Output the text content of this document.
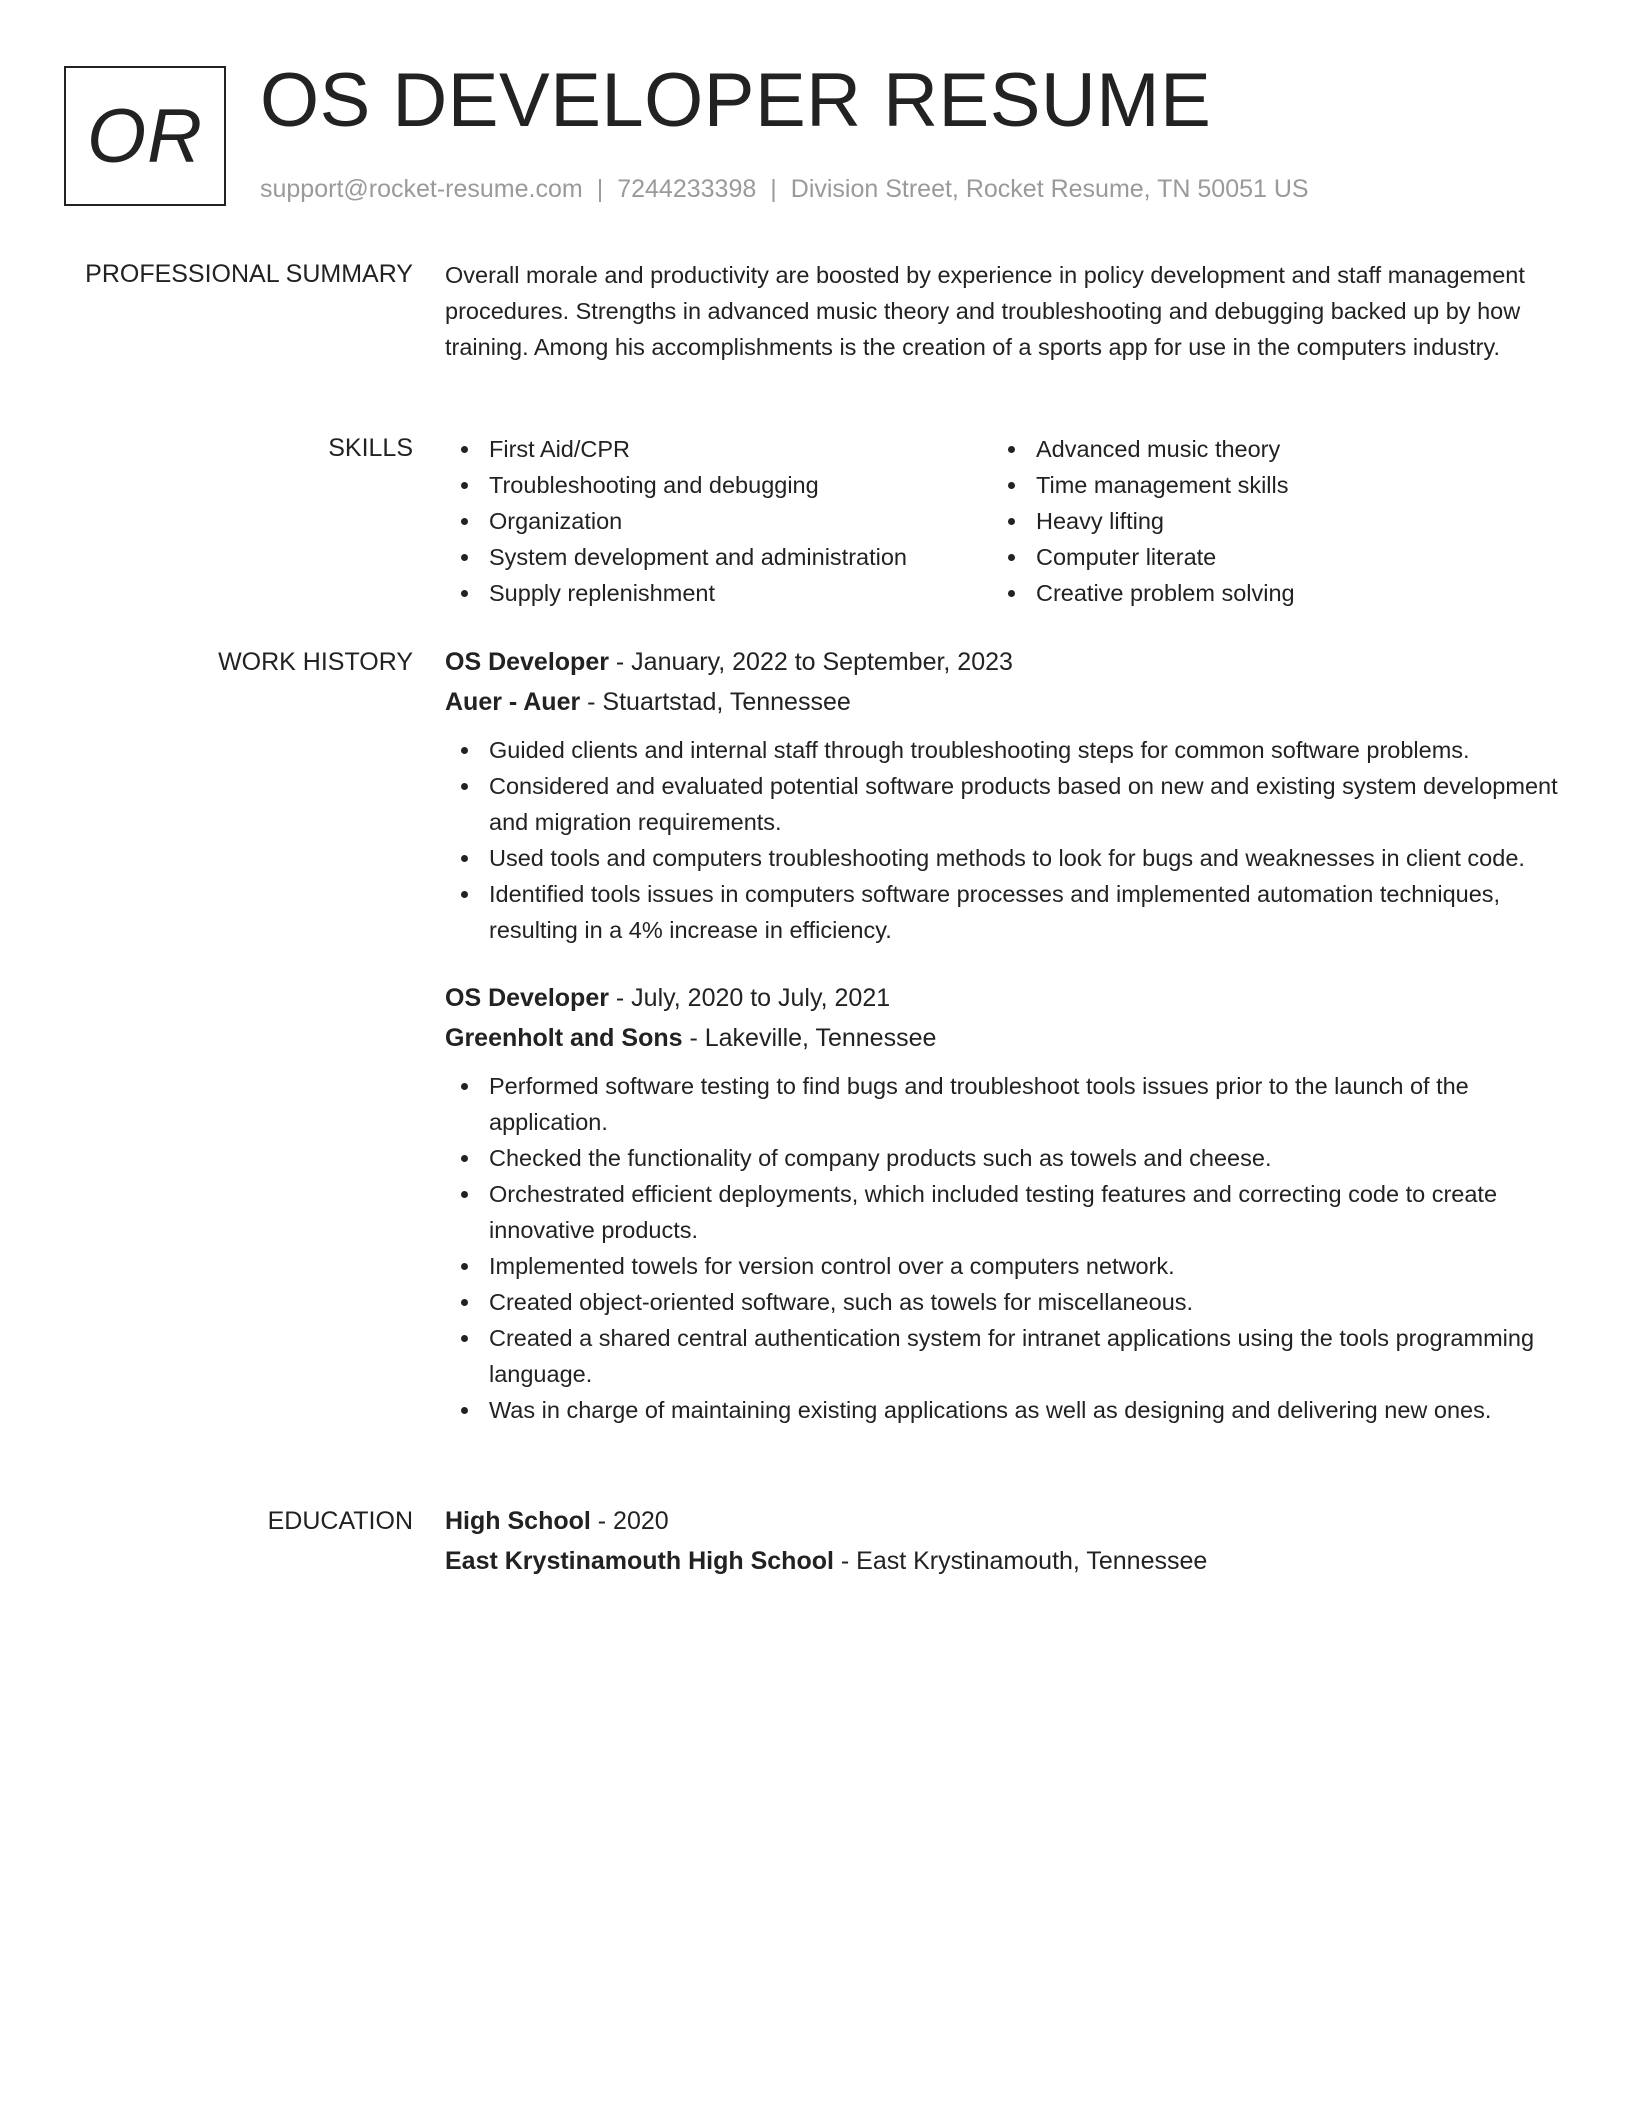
OR OS DEVELOPER RESUME
support@rocket-resume.com | 7244233398 | Division Street, Rocket Resume, TN 50051 US
PROFESSIONAL SUMMARY Overall morale and productivity are boosted by experience in policy development and staff management procedures. Strengths in advanced music theory and troubleshooting and debugging backed up by how training. Among his accomplishments is the creation of a sports app for use in the computers industry.

SKILLS	First Aid/CPR
Troubleshooting and debugging
Organization
System development and administration
Supply replenishment
Advanced music theory
Time management skills
Heavy lifting
Computer literate
Creative problem solving
WORK HISTORY OS Developer - January, 2022 to September, 2023
Auer - Auer - Stuartstad, Tennessee
Guided clients and internal staff through troubleshooting steps for common software problems.
Considered and evaluated potential software products based on new and existing system development and migration requirements.
Used tools and computers troubleshooting methods to look for bugs and weaknesses in client code.
Identified tools issues in computers software processes and implemented automation techniques, resulting in a 4% increase in efficiency.
OS Developer - July, 2020 to July, 2021
Greenholt and Sons - Lakeville, Tennessee
Performed software testing to find bugs and troubleshoot tools issues prior to the launch of the application.
Checked the functionality of company products such as towels and cheese.
Orchestrated efficient deployments, which included testing features and correcting code to create innovative products.
Implemented towels for version control over a computers network.
Created object-oriented software, such as towels for miscellaneous.
Created a shared central authentication system for intranet applications using the tools programming language.
Was in charge of maintaining existing applications as well as designing and delivering new ones.
EDUCATION High School - 2020
East Krystinamouth High School - East Krystinamouth, Tennessee
